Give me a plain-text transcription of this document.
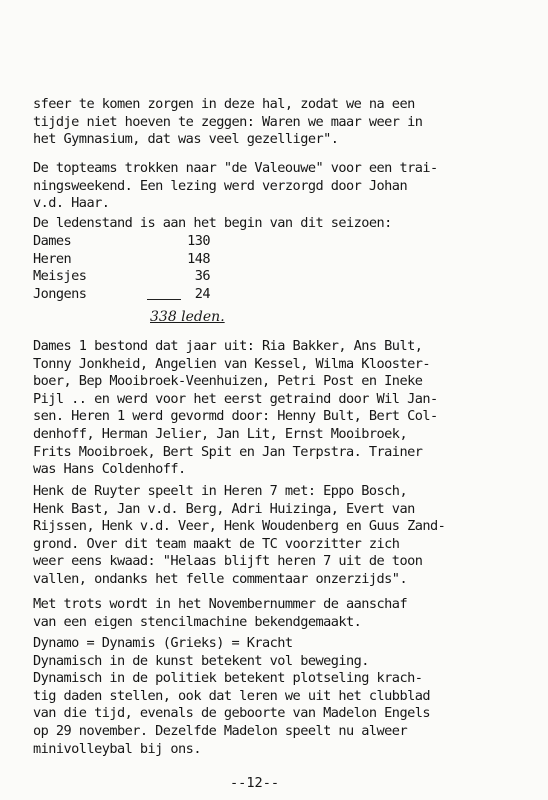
sfeer te komen zorgen in deze hal, zodat we na een
tijdje niet hoeven te zeggen: Waren we maar weer in
het Gymnasium, dat was veel gezelliger".

De topteams trokken naar "de Valeouwe" voor een trai-
ningsweekend. Een lezing werd verzorgd door Johan
v.d. Haar.

De ledenstand is aan het begin van dit seizoen:

Dames	130
Heren	148
Meisjes	36
Jongens	24
338 leden.

Dames 1 bestond dat jaar uit: Ria Bakker, Ans Bult,
Tonny Jonkheid, Angelien van Kessel, Wilma Klooster-
boer, Bep Mooibroek-Veenhuizen, Petri Post en Ineke
Pijl .. en werd voor het eerst getraind door Wil Jan-
sen. Heren 1 werd gevormd door: Henny Bult, Bert Col-
denhoff, Herman Jelier, Jan Lit, Ernst Mooibroek,
Frits Mooibroek, Bert Spit en Jan Terpstra. Trainer
was Hans Coldenhoff.

Henk de Ruyter speelt in Heren 7 met: Eppo Bosch,
Henk Bast, Jan v.d. Berg, Adri Huizinga, Evert van
Rijssen, Henk v.d. Veer, Henk Woudenberg en Guus Zand-
grond. Over dit team maakt de TC voorzitter zich
weer eens kwaad: "Helaas blijft heren 7 uit de toon
vallen, ondanks het felle commentaar onzerzijds".

Met trots wordt in het Novembernummer de aanschaf
van een eigen stencilmachine bekendgemaakt.

Dynamo = Dynamis (Grieks) = Kracht
Dynamisch in de kunst betekent vol beweging.
Dynamisch in de politiek betekent plotseling krach-
tig daden stellen, ook dat leren we uit het clubblad
van die tijd, evenals de geboorte van Madelon Engels
op 29 november. Dezelfde Madelon speelt nu alweer
minivolleybal bij ons.

--12--
